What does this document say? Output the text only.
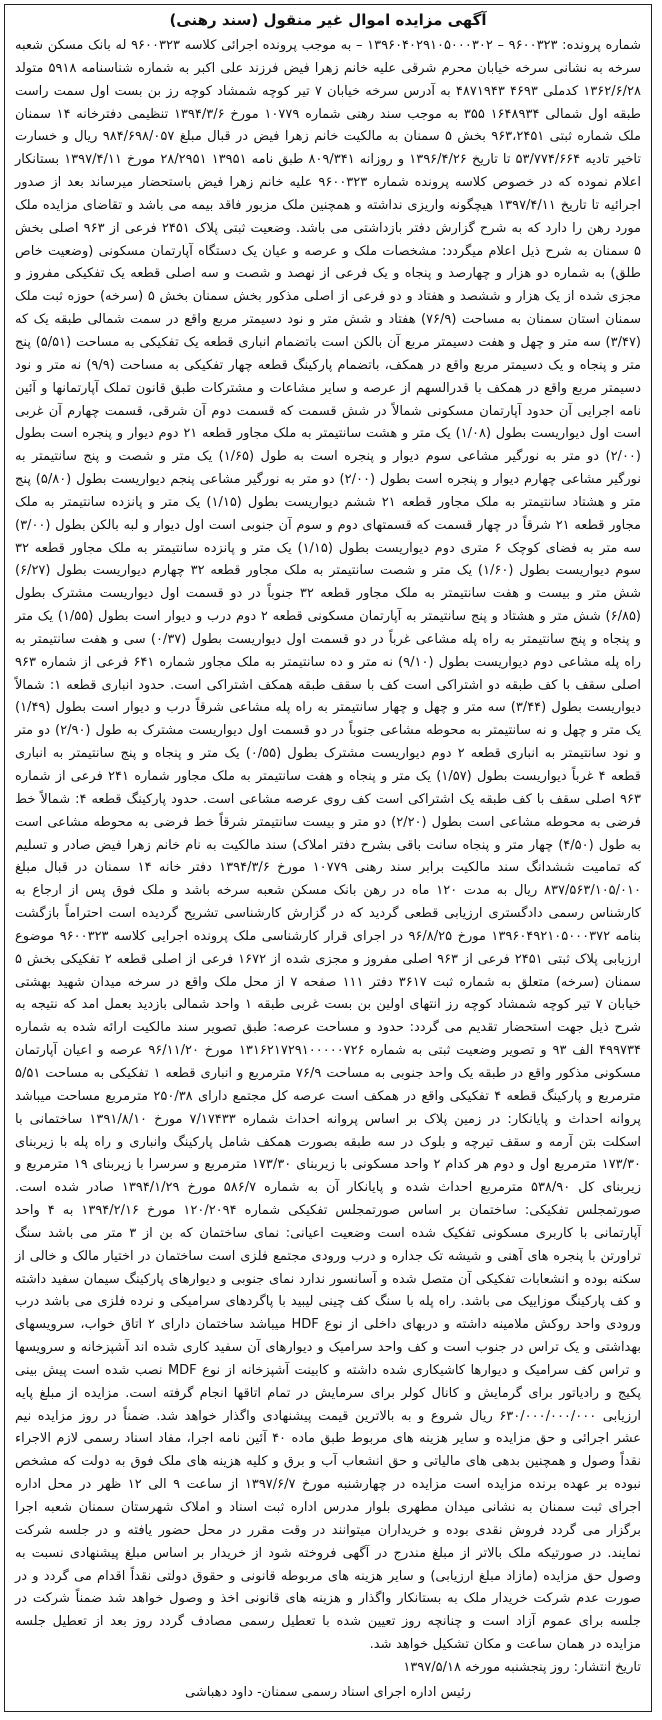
آگهی مزایده اموال غیر منقول (سند رهنی)

شماره پرونده: ۹۶۰۰۳۲۳ – ۱۳۹۶۰۴۰۲۹۱۰۵۰۰۰۳۰۲ – به موجب پرونده اجرائی کلاسه ۹۶۰۰۳۲۳ له بانک مسکن شعبه سرخه به نشانی سرخه خیابان محرم شرقی علیه خانم زهرا فیض فرزند علی اکبر به شماره شناسنامه ۵۹۱۸ متولد ۱۳۶۲/۶/۲۸ کدملی ۴۶۹۳ ۴۸۷۱۹۴۳ به آدرس سرخه خیابان ۷ تیر کوچه شمشاد کوچه رز بن بست اول سمت راست طبقه اول شمالی ۱۶۴۸۹۳۴ ۳۵۵ به موجب سند رهنی شماره ۱۰۷۷۹ مورخ ۱۳۹۴/۳/۶ تنظیمی دفترخانه ۱۴ سمنان ملک شماره ثبتی ۹۶۳،۲۴۵۱ بخش ۵ سمنان به مالکیت خانم زهرا فیض در قبال مبلغ ۹۸۴/۶۹۸/۰۵۷ ریال و خسارت تاخیر تادیه ۵۳/۷۷۴/۶۶۴ تا تاریخ ۱۳۹۶/۴/۲۶ و روزانه ۸۰۹/۳۴۱ طبق نامه ۱۳۹۵۱ ۲۸/۲۹۵۱ مورخ ۱۳۹۷/۴/۱۱ بستانکار اعلام نموده که در خصوص کلاسه پرونده شماره ۹۶۰۰۳۲۳ علیه خانم زهرا فیض باستحضار میرساند بعد از صدور اجرائیه تا تاریخ ۱۳۹۷/۴/۱۱ هیچگونه واریزی نداشته و همچنین ملک مزبور فاقد بیمه می باشد و تقاضای مزایده ملک مورد رهن را دارد که به شرح گزارش دفتر بازداشتی می باشد. وضعیت ثبتی پلاک ۲۴۵۱ فرعی از ۹۶۳ اصلی بخش ۵ سمنان به شرح ذیل اعلام میگردد: مشخصات ملک و عرصه و عیان یک دستگاه آپارتمان مسکونی (وضعیت خاص طلق) به شماره دو هزار و چهارصد و پنجاه و یک فرعی از نهصد و شصت و سه اصلی قطعه یک تفکیکی مفروز و مجزی شده از یک هزار و ششصد و هفتاد و دو فرعی از اصلی مذکور بخش سمنان بخش ۵ (سرخه) حوزه ثبت ملک سمنان استان سمنان به مساحت (۷۶/۹) هفتاد و شش متر و نود دسیمتر مربع واقع در سمت شمالی طبقه یک که (۳/۴۷) سه متر و چهل و هفت دسیمتر مربع آن بالکن است باتضمام انباری قطعه یک تفکیکی به مساحت (۵/۵۱) پنج متر و پنجاه و یک دسیمتر مربع واقع در همکف، باتضمام پارکینگ قطعه چهار تفکیکی به مساحت (۹/۹) نه متر و نود دسیمتر مربع واقع در همکف با قدرالسهم از عرصه و سایر مشاعات و مشترکات طبق قانون تملک آپارتمانها و آئین نامه اجرایی آن حدود آپارتمان مسکونی شمالاً در شش قسمت که قسمت دوم آن شرقی، قسمت چهارم آن غربی است اول دیواریست بطول (۱/۰۸) یک متر و هشت سانتیمتر به ملک مجاور قطعه ۲۱ دوم دیوار و پنجره است بطول (۲/۰۰) دو متر به نورگیر مشاعی سوم دیوار و پنجره است به طول (۱/۶۵) یک متر و شصت و پنج سانتیمتر به نورگیر مشاعی چهارم دیوار و پنجره است بطول (۲/۰۰) دو متر به نورگیر مشاعی پنجم دیواریست بطول (۵/۸۰) پنج متر و هشتاد سانتیمتر به ملک مجاور قطعه ۲۱ ششم دیواریست بطول (۱/۱۵) یک متر و پانزده سانتیمتر به ملک مجاور قطعه ۲۱ شرقاً در چهار قسمت که قسمتهای دوم و سوم آن جنوبی است اول دیوار و لبه بالکن بطول (۳/۰۰) سه متر به فضای کوچک ۶ متری دوم دیواریست بطول (۱/۱۵) یک متر و پانزده سانتیمتر به ملک مجاور قطعه ۳۲ سوم دیواریست بطول (۱/۶۰) یک متر و شصت سانتیمتر به ملک مجاور قطعه ۳۲ چهارم دیواریست بطول (۶/۲۷) شش متر و بیست و هفت سانتیمتر به ملک مجاور قطعه ۳۲ جنوباً در دو قسمت اول دیواریست مشترک بطول (۶/۸۵) شش متر و هشتاد و پنج سانتیمتر به آپارتمان مسکونی قطعه ۲ دوم درب و دیوار است بطول (۱/۵۵) یک متر و پنجاه و پنج سانتیمتر به راه پله مشاعی غرباً در دو قسمت اول دیواریست بطول (۰/۳۷) سی و هفت سانتیمتر به راه پله مشاعی دوم دیواریست بطول (۹/۱۰) نه متر و ده سانتیمتر به ملک مجاور شماره ۶۴۱ فرعی از شماره ۹۶۳ اصلی سقف با کف طبقه دو اشتراکی است کف با سقف طبقه همکف اشتراکی است. حدود انباری قطعه ۱: شمالاً دیواریست بطول (۳/۴۴) سه متر و چهل و چهار سانتیمتر به راه پله مشاعی شرقاً درب و دیوار است بطول (۱/۴۹) یک متر و چهل و نه سانتیمتر به محوطه مشاعی جنوباً در دو قسمت اول دیواریست مشترک به طول (۲/۹۰) دو متر و نود سانتیمتر به انباری قطعه ۲ دوم دیواریست مشترک بطول (۰/۵۵) یک متر و پنجاه و پنج سانتیمتر به انباری قطعه ۴ غرباً دیواریست بطول (۱/۵۷) یک متر و پنجاه و هفت سانتیمتر به ملک مجاور شماره ۲۴۱ فرعی از شماره ۹۶۳ اصلی سقف با کف طبقه یک اشتراکی است کف روی عرصه مشاعی است. حدود پارکینگ قطعه ۴: شمالاً خط فرضی به محوطه مشاعی است بطول (۲/۲۰) دو متر و بیست سانتیمتر شرقاً خط فرضی به محوطه مشاعی است به طول (۴/۵۰) چهار متر و پنجاه سانت باقی بشرح دفتر املاک) سند مالکیت به نام خانم زهرا فیض صادر و تسلیم که تمامیت ششدانگ سند مالکیت برابر سند رهنی ۱۰۷۷۹ مورخ ۱۳۹۴/۳/۶ دفتر خانه ۱۴ سمنان در قبال مبلغ ۸۳۷/۵۶۳/۱۰۵/۰۱۰ ریال به مدت ۱۲۰ ماه در رهن بانک مسکن شعبه سرخه باشد و ملک فوق پس از ارجاع به کارشناس رسمی دادگستری ارزیابی قطعی گردید که در گزارش کارشناسی تشریح گردیده است احتراماً بازگشت بنامه ۱۳۹۶۰۴۹۲۱۰۵۰۰۰۳۷۲ مورخ ۹۶/۸/۲۵ در اجرای قرار کارشناسی ملک پرونده اجرایی کلاسه ۹۶۰۰۳۲۳ موضوع ارزیابی پلاک ثبتی ۲۴۵۱ فرعی از ۹۶۳ اصلی مفروز و مجزی شده از ۱۶۷۲ فرعی از اصلی قطعه ۲ تفکیکی بخش ۵ سمنان (سرخه) متعلق به شماره ثبت ۳۶۱۷ دفتر ۱۱۱ صفحه ۷ از محل ملک واقع در سرخه میدان شهید بهشتی خیابان ۷ تیر کوچه شمشاد کوچه رز انتهای اولین بن بست غربی طبقه ۱ واحد شمالی بازدید بعمل امد که نتیجه به شرح ذیل جهت استحضار تقدیم می گردد: حدود و مساحت عرصه: طبق تصویر سند مالکیت ارائه شده به شماره ۴۹۹۷۳۴ الف ۹۳ و تصویر وضعیت ثبتی به شماره ۱۳۱۶۲۱۷۲۹۱۰۰۰۰۰۷۲۶ مورخ ۹۶/۱۱/۲۰ عرصه و اعیان آپارتمان مسکونی مذکور واقع در طبقه یک واحد جنوبی به مساحت ۷۶/۹ مترمربع و انباری قطعه ۱ تفکیکی به مساحت ۵/۵۱ مترمربع و پارکینگ قطعه ۴ تفکیکی واقع در همکف است عرصه کل مجتمع دارای ۲۵۰/۳۸ مترمربع مساحت میباشد پروانه احداث و پایانکار: در زمین پلاک بر اساس پروانه احداث شماره ۷/۱۷۴۳۳ مورخ ۱۳۹۱/۸/۱۰ ساختمانی با اسکلت بتن آرمه و سقف تیرچه و بلوک در سه طبقه بصورت همکف شامل پارکینگ وانباری و راه پله با زیربنای ۱۷۳/۳۰ مترمربع اول و دوم هر کدام ۲ واحد مسکونی با زیربنای ۱۷۳/۳۰ مترمربع و سرسرا با زیربنای ۱۹ مترمربع و زیربنای کل ۵۳۸/۹۰ مترمربع احداث شده و پایانکار آن به شماره ۵۸۶/۷ مورخ ۱۳۹۴/۱/۲۹ صادر شده است. صورتمجلس تفکیکی: ساختمان بر اساس صورتمجلس تفکیکی شماره ۱۲۰/۲۰۹۴ مورخ ۱۳۹۴/۲/۱۶ به ۴ واحد آپارتمانی با کاربری مسکونی تفکیک شده است وضعیت اعیانی: نمای ساختمان که بن از ۳ متر می باشد سنگ تراورتن با پنجره های آهنی و شیشه تک جداره و درب ورودی مجتمع فلزی است ساختمان در اختیار مالک و خالی از سکنه بوده و انشعابات تفکیکی آن متصل شده و آسانسور ندارد نمای جنوبی و دیوارهای پارکینگ سیمان سفید داشته و کف پارکینگ موزاییک می باشد. راه پله با سنگ کف چینی لیبید با پاگردهای سرامیکی و نرده فلزی می باشد درب ورودی واحد روکش ملامینه داشته و دربهای داخلی از نوع HDF میباشد ساختمان دارای ۲ اتاق خواب، سرویسهای بهداشتی و یک تراس در جنوب است و کف واحد سرامیک و دیوارهای آن سفید کاری شده اند آشپزخانه و سرویسها و تراس کف سرامیک و دیوارها کاشیکاری شده داشته و کابینت آشپزخانه از نوع MDF نصب شده است پیش بینی پکیج و رادیاتور برای گرمایش و کانال کولر برای سرمایش در تمام اتاقها انجام گرفته است. مزایده از مبلغ پایه ارزیابی ۶۳۰/۰۰۰/۰۰۰/۰۰۰ ریال شروع و به بالاترین قیمت پیشنهادی واگذار خواهد شد. ضمناً در روز مزایده نیم عشر اجرائی و حق مزایده و سایر هزینه های مربوط طبق ماده ۴۰ آئین نامه اجرا، مفاد اسناد رسمی لازم الاجراء نقداً وصول و همچنین بدهی های مالیاتی و حق انشعاب آب و برق و کلیه هزینه های ملک فوق به دولت که مشخص نبوده بر عهده برنده مزایده است مزایده در چهارشنبه مورخ ۱۳۹۷/۶/۷ از ساعت ۹ الی ۱۲ ظهر در محل اداره اجرای ثبت سمنان به نشانی میدان مطهری بلوار مدرس اداره ثبت اسناد و املاک شهرستان سمنان شعبه اجرا برگزار می گردد فروش نقدی بوده و خریداران میتوانند در وقت مقرر در محل حضور یافته و در جلسه شرکت نمایند. در صورتیکه ملک بالاتر از مبلغ مندرج در آگهی فروخته شود از خریدار بر اساس مبلغ پیشنهادی نسبت به وصول حق مزایده (مازاد مبلغ ارزیابی) و سایر هزینه های مربوطه قانونی و حقوق دولتی نقداً اقدام می گردد و در صورت عدم شرکت خریدار ملک به بستانکار واگذار و هزینه های قانونی اخذ و وصول خواهد شد ضمناً شرکت در جلسه برای عموم آزاد است و چنانچه روز تعیین شده با تعطیل رسمی مصادف گردد روز بعد از تعطیل جلسه مزایده در همان ساعت و مکان تشکیل خواهد شد.

تاریخ انتشار: روز پنجشنبه مورخه ۱۳۹۷/۵/۱۸

رئیس اداره اجرای اسناد رسمی سمنان- داود دهباشی
